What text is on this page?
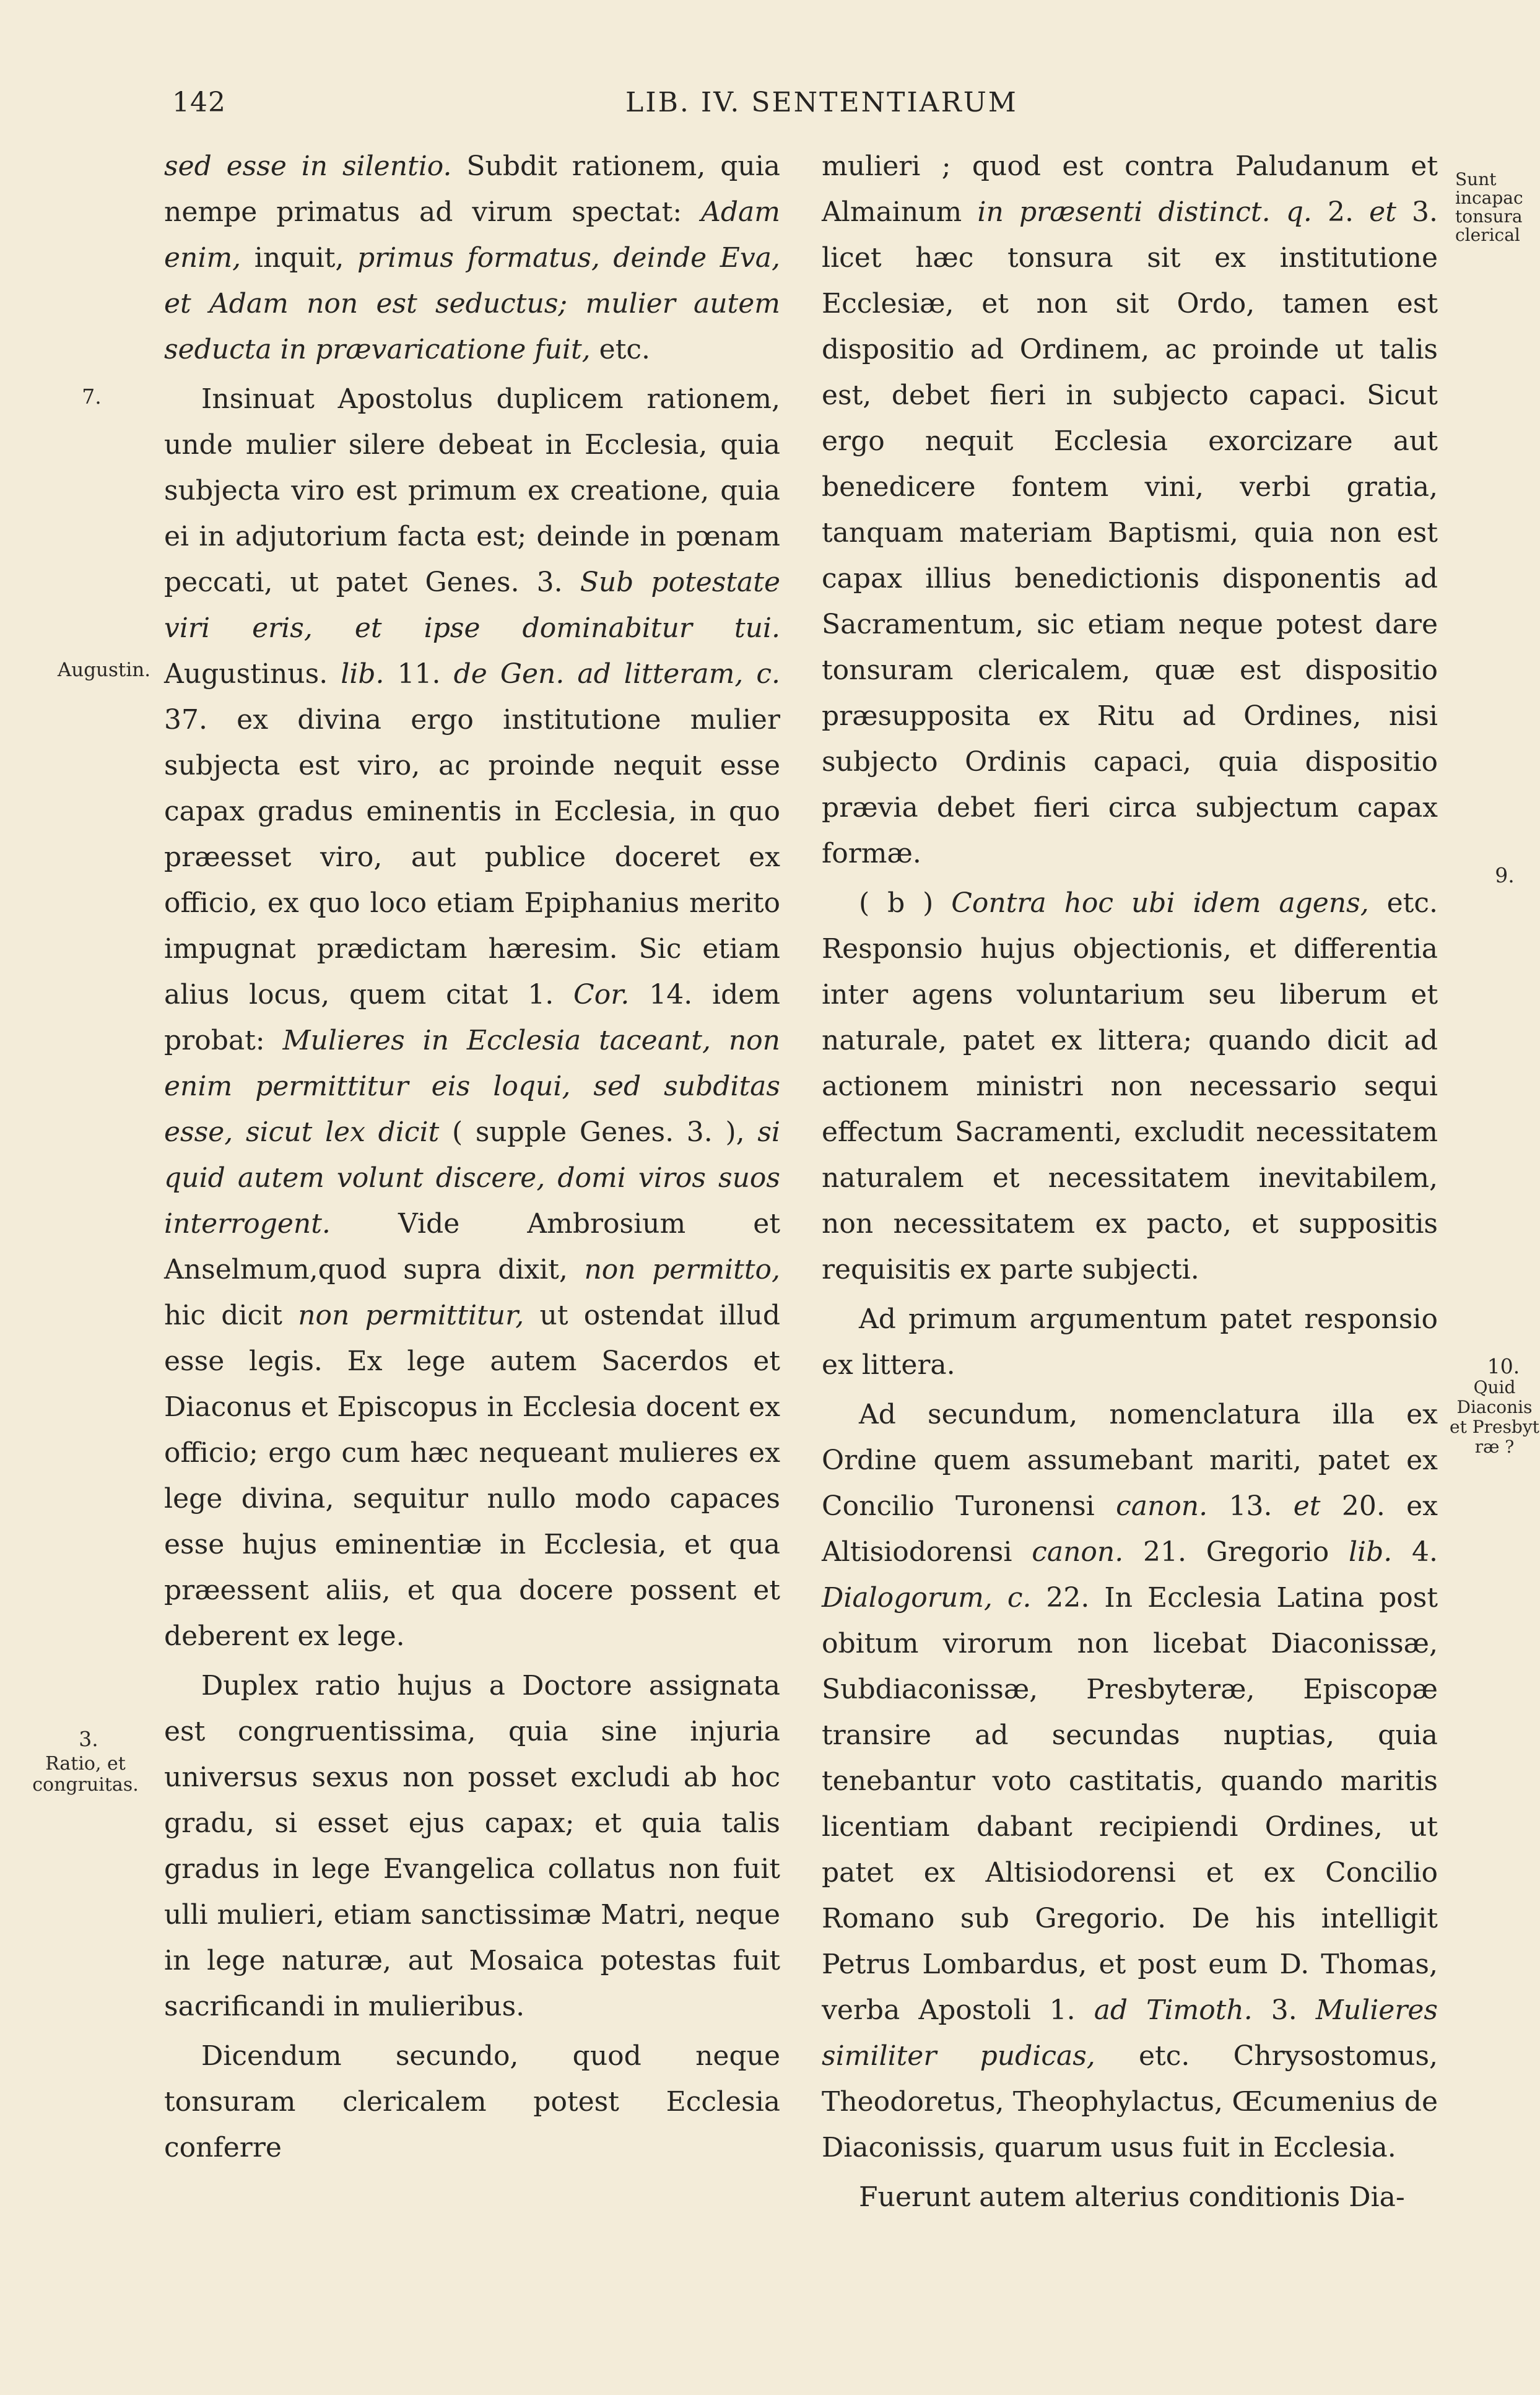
142	LIB. IV. SENTENTIARUM

sed esse in silentio. Subdit rationem, quia nempe primatus ad virum spectat: Adam enim, inquit, primus formatus, deinde Eva, et Adam non est seductus; mulier autem seducta in prævaricatione fuit, etc.

Insinuat Apostolus duplicem rationem, unde mulier silere debeat in Ecclesia, quia subjecta viro est primum ex creatione, quia ei in adjutorium facta est; deinde in pœnam peccati, ut patet Genes. 3. Sub potestate viri eris, et ipse dominabitur tui. Augustinus. lib. 11. de Gen. ad litteram, c. 37. ex divina ergo institutione mulier subjecta est viro, ac proinde nequit esse capax gradus eminentis in Ecclesia, in quo præesset viro, aut publice doceret ex officio, ex quo loco etiam Epiphanius merito impugnat prædictam hæresim. Sic etiam alius locus, quem citat 1. Cor. 14. idem probat: Mulieres in Ecclesia taceant, non enim permittitur eis loqui, sed subditas esse, sicut lex dicit ( supple Genes. 3. ), si quid autem volunt discere, domi viros suos interrogent. Vide Ambrosium et Anselmum,quod supra dixit, non permitto, hic dicit non permittitur, ut ostendat illud esse legis. Ex lege autem Sacerdos et Diaconus et Episcopus in Ecclesia docent ex officio; ergo cum hæc nequeant mulieres ex lege divina, sequitur nullo modo capaces esse hujus eminentiæ in Ecclesia, et qua præessent aliis, et qua docere possent et deberent ex lege.

Duplex ratio hujus a Doctore assignata est congruentissima, quia sine injuria universus sexus non posset excludi ab hoc gradu, si esset ejus capax; et quia talis gradus in lege Evangelica collatus non fuit ulli mulieri, etiam sanctissimæ Matri, neque in lege naturæ, aut Mosaica potestas fuit sacrificandi in mulieribus.

Dicendum secundo, quod neque tonsuram clericalem potest Ecclesia conferre

mulieri ; quod est contra Paludanum et Almainum in præsenti distinct. q. 2. et 3. licet hæc tonsura sit ex institutione Ecclesiæ, et non sit Ordo, tamen est dispositio ad Ordinem, ac proinde ut talis est, debet fieri in subjecto capaci. Sicut ergo nequit Ecclesia exorcizare aut benedicere fontem vini, verbi gratia, tanquam materiam Baptismi, quia non est capax illius benedictionis disponentis ad Sacramentum, sic etiam neque potest dare tonsuram clericalem, quæ est dispositio præsupposita ex Ritu ad Ordines, nisi subjecto Ordinis capaci, quia dispositio prævia debet fieri circa subjectum capax formæ.

( b ) Contra hoc ubi idem agens, etc. Responsio hujus objectionis, et differentia inter agens voluntarium seu liberum et naturale, patet ex littera; quando dicit ad actionem ministri non necessario sequi effectum Sacramenti, excludit necessitatem naturalem et necessitatem inevitabilem, non necessitatem ex pacto, et suppositis requisitis ex parte subjecti.

Ad primum argumentum patet responsio ex littera.

Ad secundum, nomenclatura illa ex Ordine quem assumebant mariti, patet ex Concilio Turonensi canon. 13. et 20. ex Altisiodorensi canon. 21. Gregorio lib. 4. Dialogorum, c. 22. In Ecclesia Latina post obitum virorum non licebat Diaconissæ, Subdiaconissæ, Presbyteræ, Episcopæ transire ad secundas nuptias, quia tenebantur voto castitatis, quando maritis licentiam dabant recipiendi Ordines, ut patet ex Altisiodorensi et ex Concilio Romano sub Gregorio. De his intelligit Petrus Lombardus, et post eum D. Thomas, verba Apostoli 1. ad Timoth. 3. Mulieres similiter pudicas, etc. Chrysostomus, Theodoretus, Theophylactus, Œcumenius de Diaconissis, quarum usus fuit in Ecclesia.

Fuerunt autem alterius conditionis Dia-

7.
Augustin.
3.
Ratio, et congruitas.
Sunt incapac tonsura clerical
9.
10.
Quid Diaconis et Presbyt ræ ?
